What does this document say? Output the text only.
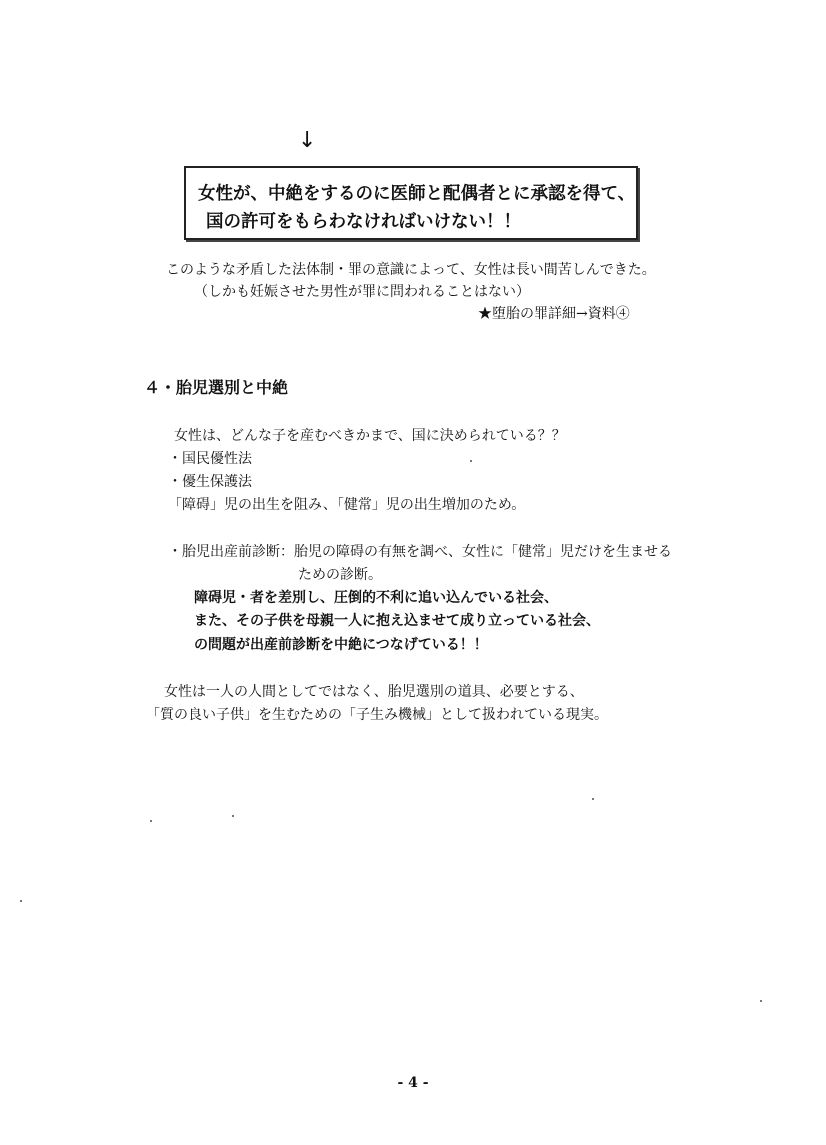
↓
女性が、中絶をするのに医師と配偶者とに承認を得て、
国の許可をもらわなければいけない！！
このような矛盾した法体制・罪の意識によって、女性は長い間苦しんできた。
（しかも妊娠させた男性が罪に問われることはない）
★堕胎の罪詳細→資料④
４・胎児選別と中絶
女性は、どんな子を産むべきかまで、国に決められている？？
・国民優性法
・優生保護法
「障碍」児の出生を阻み、「健常」児の出生増加のため。
・胎児出産前診断：胎児の障碍の有無を調べ、女性に「健常」児だけを生ませる
ための診断。
障碍児・者を差別し、圧倒的不利に追い込んでいる社会、
また、その子供を母親一人に抱え込ませて成り立っている社会、
の問題が出産前診断を中絶につなげている！！
女性は一人の人間としてではなく、胎児選別の道具、必要とする、
「質の良い子供」を生むための「子生み機械」として扱われている現実。
- 4 -
